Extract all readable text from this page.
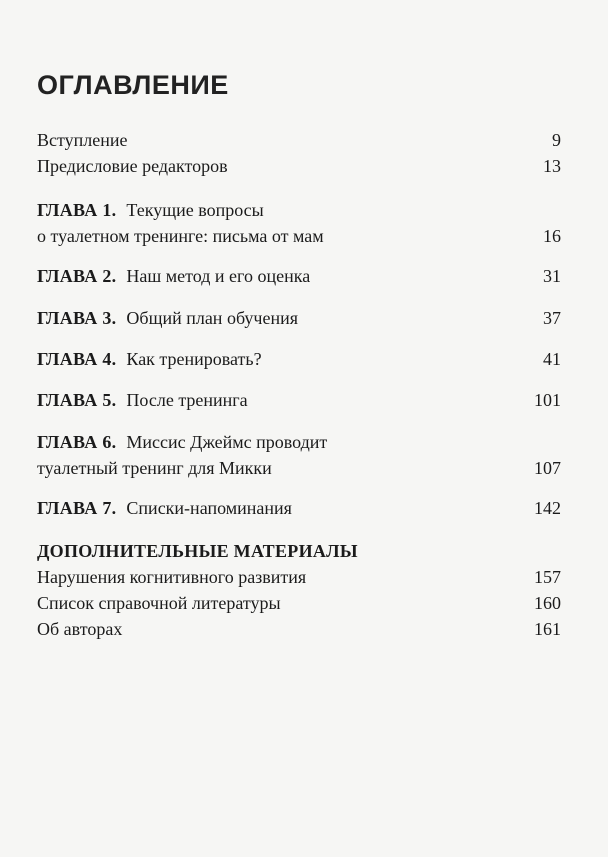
ОГЛАВЛЕНИЕ
Вступление	9
Предисловие редакторов	13
ГЛАВА 1. Текущие вопросы
о туалетном тренинге: письма от мам	16
ГЛАВА 2. Наш метод и его оценка	31
ГЛАВА 3. Общий план обучения	37
ГЛАВА 4. Как тренировать?	41
ГЛАВА 5. После тренинга	101
ГЛАВА 6. Миссис Джеймс проводит
туалетный тренинг для Микки	107
ГЛАВА 7. Списки-напоминания	142
ДОПОЛНИТЕЛЬНЫЕ МАТЕРИАЛЫ
Нарушения когнитивного развития	157
Список справочной литературы	160
Об авторах	161
